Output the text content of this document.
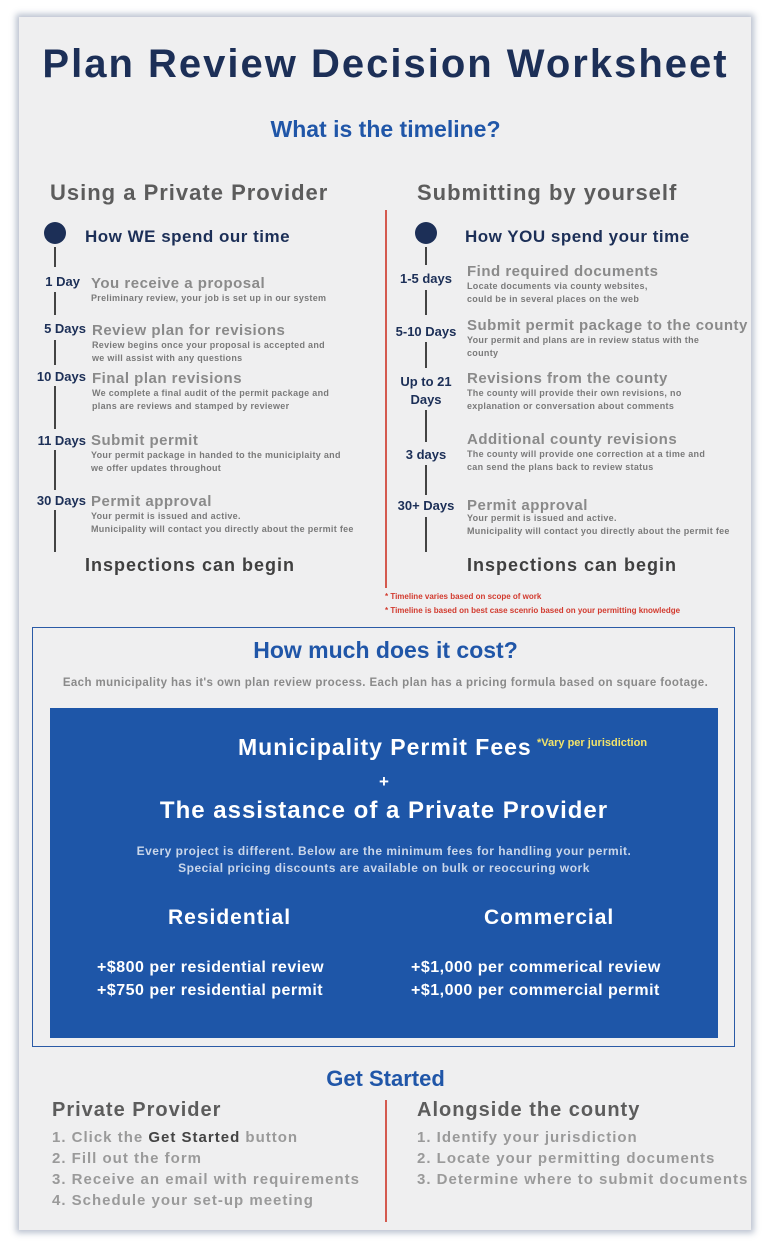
Plan Review Decision Worksheet
What is the timeline?
Using a Private Provider	Submitting by yourself
How WE spend our time
1 Day You receive a proposal
Preliminary review, your job is set up in our system
5 Days Review plan for revisions
Review begins once your proposal is accepted and
we will assist with any questions
10 Days Final plan revisions
We complete a final audit of the permit package and
plans are reviews and stamped by reviewer
11 Days Submit permit
Your permit package in handed to the municiplaity and
we offer updates throughout
30 Days Permit approval
Your permit is issued and active.
Municipality will contact you directly about the permit fee
Inspections can begin
How YOU spend your time
1-5 days Find required documents
Locate documents via county websites,
could be in several places on the web
5-10 Days Submit permit package to the county
Your permit and plans are in review status with the
county
Up to 21
Days
Revisions from the county
The county will provide their own revisions, no
explanation or conversation about comments
3 days
Additional county revisions
The county will provide one correction at a time and
can send the plans back to review status
30+ Days Permit approval
Your permit is issued and active.
Municipality will contact you directly about the permit fee
Inspections can begin
* Timeline varies based on scope of work
* Timeline is based on best case scenrio based on your permitting knowledge
How much does it cost?
Each municipality has it's own plan review process. Each plan has a pricing formula based on square footage.
Municipality Permit Fees *Vary per jurisdiction
+
The assistance of a Private Provider
Every project is different. Below are the minimum fees for handling your permit.
Special pricing discounts are available on bulk or reoccuring work
Residential	Commercial
+$800 per residential review
+$750 per residential permit
+$1,000 per commerical review
+$1,000 per commercial permit
Get Started
Private Provider
1. Click the Get Started button
2. Fill out the form
3. Receive an email with requirements
4. Schedule your set-up meeting
Alongside the county
1. Identify your jurisdiction
2. Locate your permitting documents
3. Determine where to submit documents
